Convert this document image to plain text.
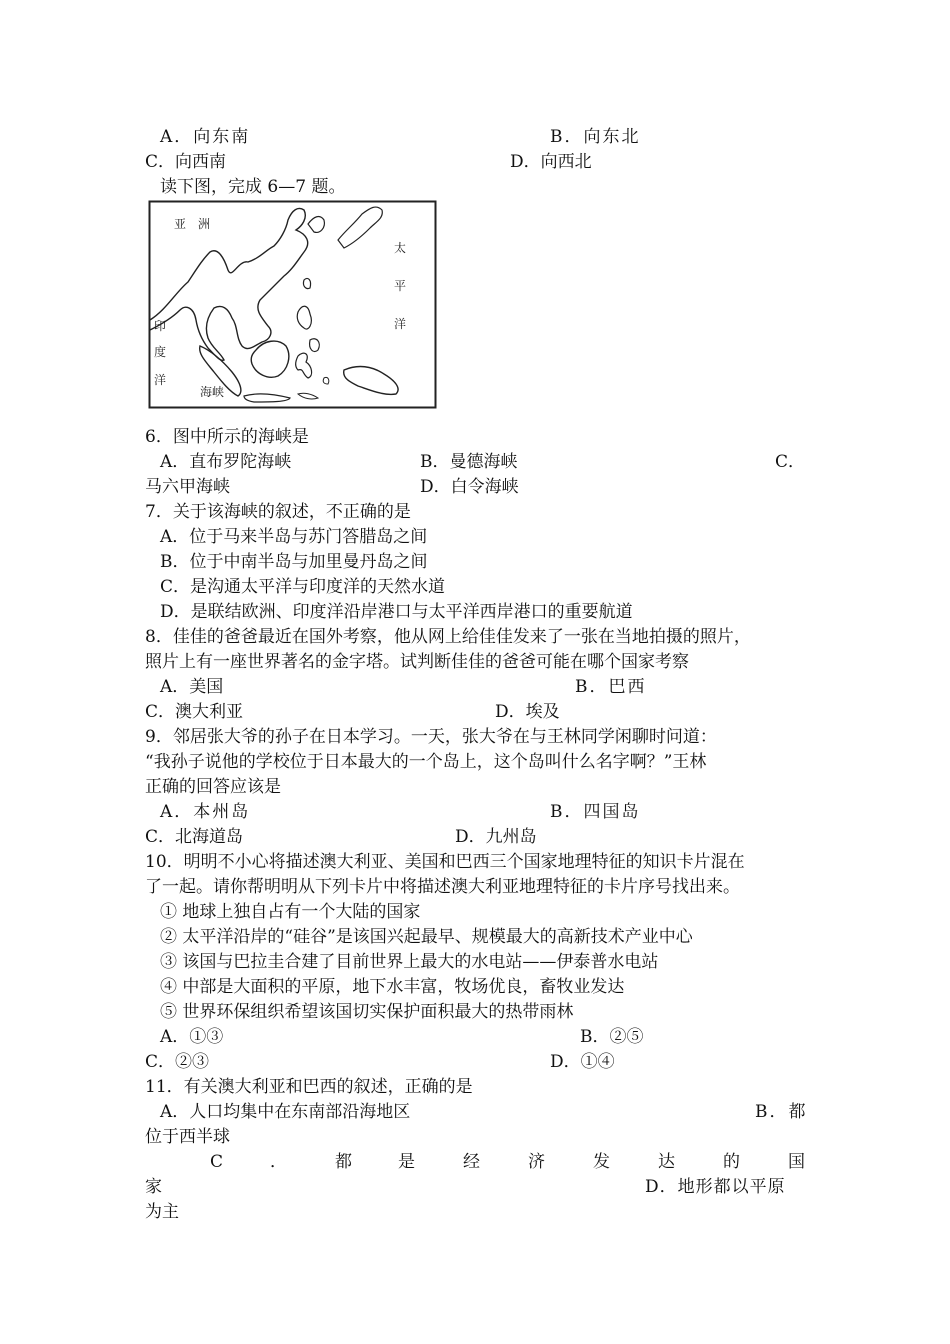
A．向东南	B．向东北
C．向西南	D．向西北
读下图，完成 6—7 题。
亚　洲
太
平
洋
印
度
洋
海峡
6．图中所示的海峡是
A．直布罗陀海峡	B．曼德海峡	C．
马六甲海峡	D．白令海峡
7．关于该海峡的叙述，不正确的是
A．位于马来半岛与苏门答腊岛之间
B．位于中南半岛与加里曼丹岛之间
C．是沟通太平洋与印度洋的天然水道
D．是联结欧洲、印度洋沿岸港口与太平洋西岸港口的重要航道
8．佳佳的爸爸最近在国外考察，他从网上给佳佳发来了一张在当地拍摄的照片，
照片上有一座世界著名的金字塔。试判断佳佳的爸爸可能在哪个国家考察
A．美国	B．巴西
C．澳大利亚	D．埃及
9．邻居张大爷的孙子在日本学习。一天，张大爷在与王林同学闲聊时问道：
“我孙子说他的学校位于日本最大的一个岛上，这个岛叫什么名字啊？”王林
正确的回答应该是
A．本州岛	B．四国岛
C．北海道岛	D．九州岛
10．明明不小心将描述澳大利亚、美国和巴西三个国家地理特征的知识卡片混在
了一起。请你帮明明从下列卡片中将描述澳大利亚地理特征的卡片序号找出来。
① 地球上独自占有一个大陆的国家
② 太平洋沿岸的“硅谷”是该国兴起最早、规模最大的高新技术产业中心
③ 该国与巴拉圭合建了目前世界上最大的水电站——伊泰普水电站
④ 中部是大面积的平原，地下水丰富，牧场优良，畜牧业发达
⑤ 世界环保组织希望该国切实保护面积最大的热带雨林
A．①③	B．②⑤
C．②③	D．①④
11．有关澳大利亚和巴西的叙述，正确的是
A．人口均集中在东南部沿海地区	B．都
位于西半球
C	．	都	是	经	济	发	达	的	国
家	D．地形都以平原
为主
